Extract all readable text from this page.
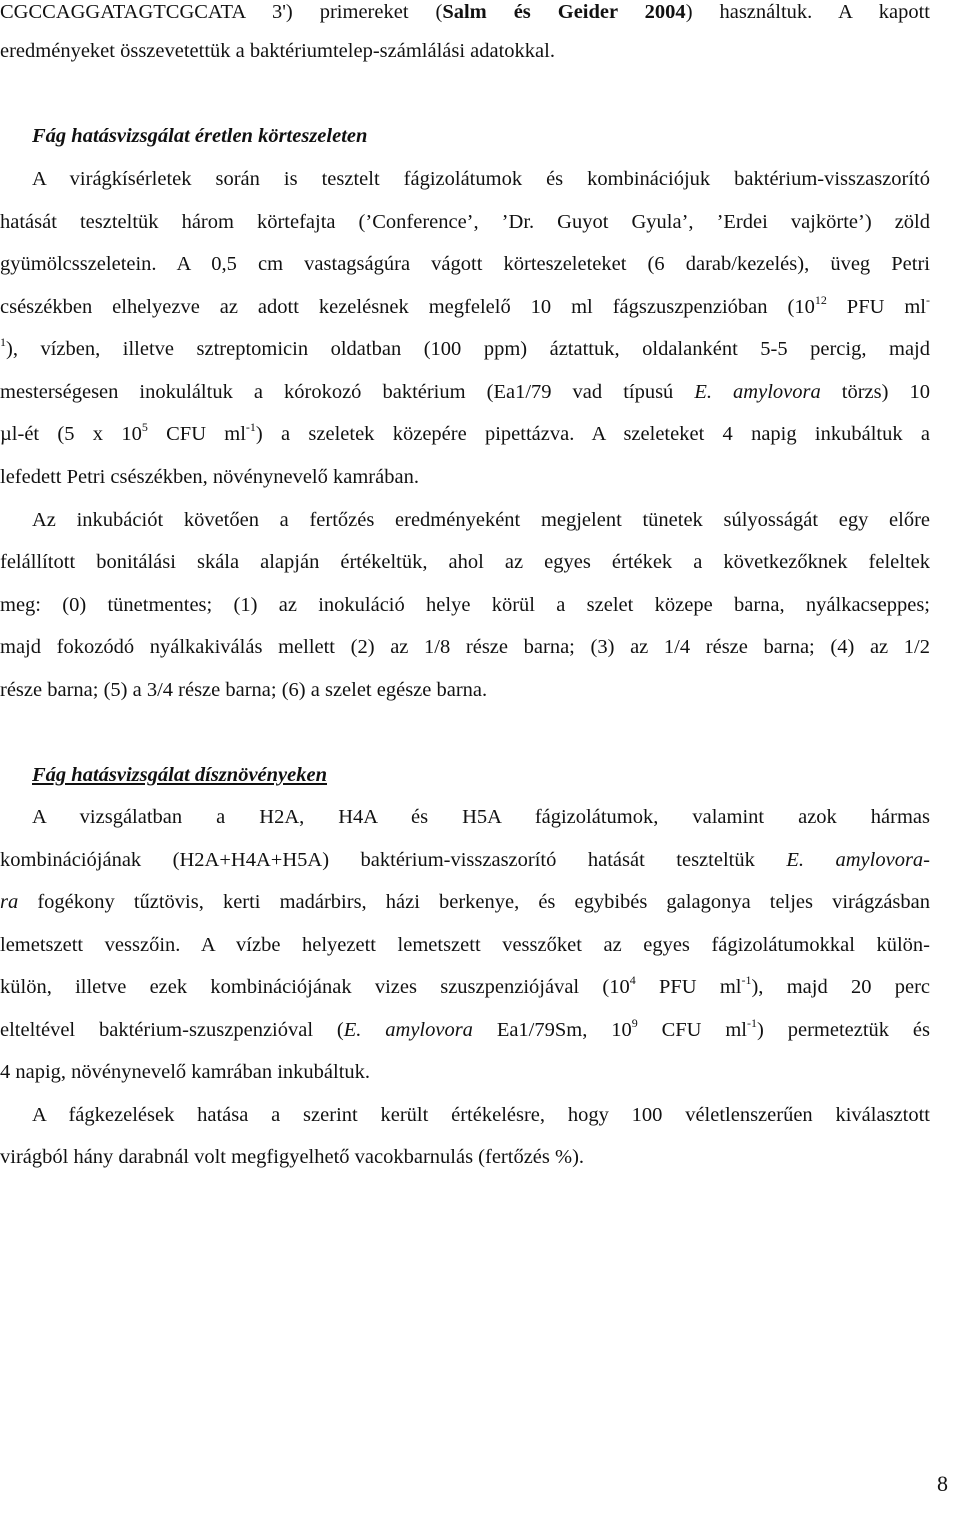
CGCCAGGATAGTCGCATA 3') primereket (Salm és Geider 2004) használtuk. A kapott
eredményeket összevetettük a baktériumtelep-számlálási adatokkal.
Fág hatásvizsgálat éretlen körteszeleten
A virágkísérletek során is tesztelt fágizolátumok és kombinációjuk baktérium-visszaszorító
hatását teszteltük három körtefajta (’Conference’, ’Dr. Guyot Gyula’, ’Erdei vajkörte’) zöld
gyümölcsszeletein. A 0,5 cm vastagságúra vágott körteszeleteket (6 darab/kezelés), üveg Petri
csészékben elhelyezve az adott kezelésnek megfelelő 10 ml fágszuszpenzióban ($10^{12}$ PFU ml-
$^1$), vízben, illetve sztreptomicin oldatban (100 ppm) áztattuk, oldalanként 5-5 percig, majd
mesterségesen inokuláltuk a kórokozó baktérium (Ea1/79 vad típusú E. amylovora törzs) 10
µl-ét (5 x $10^5$ CFU $ml^{-1}$) a szeletek közepére pipettázva. A szeleteket 4 napig inkubáltuk a
lefedett Petri csészékben, növénynevelő kamrában.
Az inkubációt követően a fertőzés eredményeként megjelent tünetek súlyosságát egy előre
felállított bonitálási skála alapján értékeltük, ahol az egyes értékek a következőknek feleltek
meg: (0) tünetmentes; (1) az inokuláció helye körül a szelet közepe barna, nyálkacseppes;
majd fokozódó nyálkakiválás mellett (2) az 1/8 része barna; (3) az 1/4 része barna; (4) az 1/2
része barna; (5) a 3/4 része barna; (6) a szelet egésze barna.
Fág hatásvizsgálat dísznövényeken
A vizsgálatban a H2A, H4A és H5A fágizolátumok, valamint azok hármas
kombinációjának (H2A+H4A+H5A) baktérium-visszaszorító hatását teszteltük E. amylovora-
ra fogékony tűztövis, kerti madárbirs, házi berkenye, és egybibés galagonya teljes virágzásban
lemetszett vesszőin. A vízbe helyezett lemetszett vesszőket az egyes fágizolátumokkal külön-
külön, illetve ezek kombinációjának vizes szuszpenziójával ($10^4$ PFU $ml^{-1}$), majd 20 perc
elteltével baktérium-szuszpenzióval (E. amylovora Ea1/79Sm, $10^9$ CFU $ml^{-1}$) permeteztük és
4 napig, növénynevelő kamrában inkubáltuk.
A fágkezelések hatása a szerint került értékelésre, hogy 100 véletlenszerűen kiválasztott
virágból hány darabnál volt megfigyelhető vacokbarnulás (fertőzés %).
8
